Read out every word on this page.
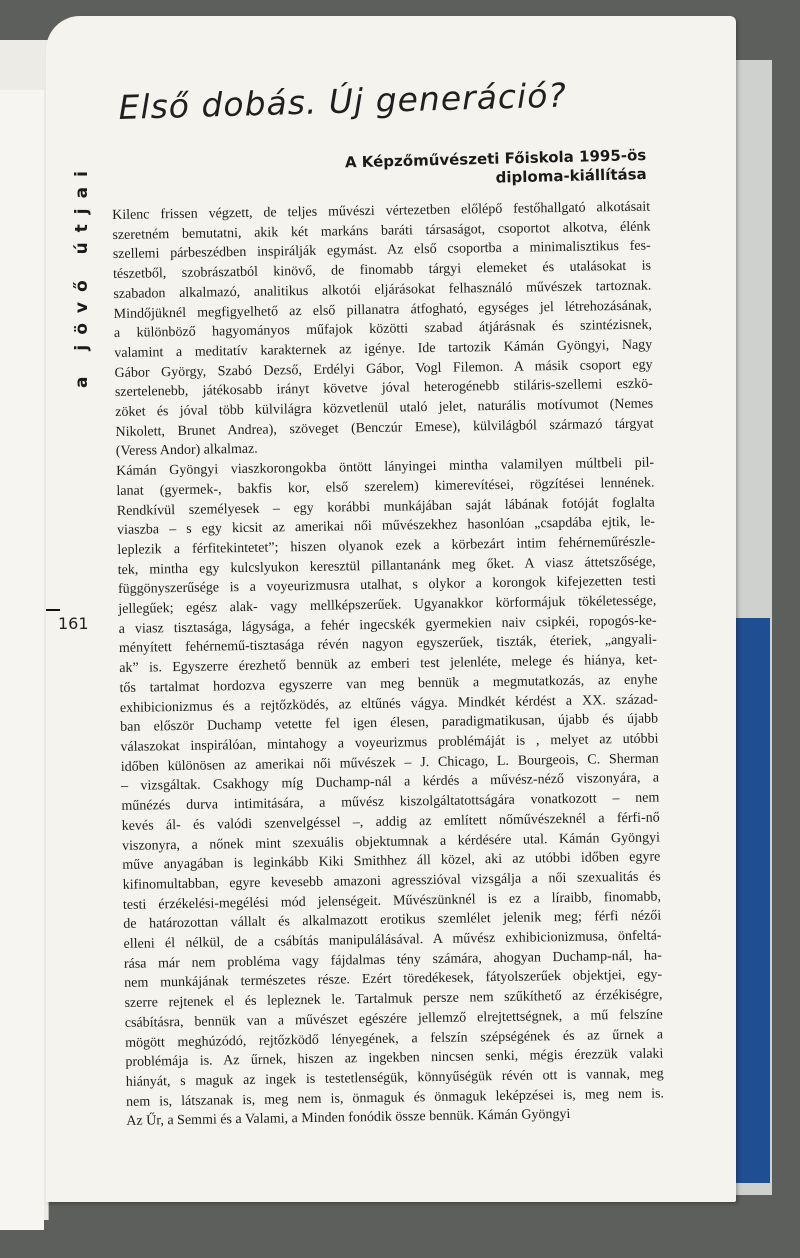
a jövő útjai
161
Első dobás. Új generáció?
A Képzőművészeti Főiskola 1995-ös
diploma-kiállítása

Kilenc frissen végzett, de teljes művészi vértezetben előlépő festőhallgató alkotásait

szeretném bemutatni, akik két markáns baráti társaságot, csoportot alkotva, élénk

szellemi párbeszédben inspirálják egymást. Az első csoportba a minimalisztikus fes-

tészetből, szobrászatból kinövő, de finomabb tárgyi elemeket és utalásokat is

szabadon alkalmazó, analitikus alkotói eljárásokat felhasználó művészek tartoznak.

Mindőjüknél megfigyelhető az első pillanatra átfogható, egységes jel létrehozásának,

a különböző hagyományos műfajok közötti szabad átjárásnak és szintézisnek,

valamint a meditatív karakternek az igénye. Ide tartozik Kámán Gyöngyi, Nagy

Gábor György, Szabó Dezső, Erdélyi Gábor, Vogl Filemon. A másik csoport egy

szertelenebb, játékosabb irányt követve jóval heterogénebb stiláris-szellemi eszkö-

zöket és jóval több külvilágra közvetlenül utaló jelet, naturális motívumot (Nemes

Nikolett, Brunet Andrea), szöveget (Benczúr Emese), külvilágból származó tárgyat

(Veress Andor) alkalmaz.

Kámán Gyöngyi viaszkorongokba öntött lányingei mintha valamilyen múltbeli pil-

lanat (gyermek-, bakfis kor, első szerelem) kimerevítései, rögzítései lennének.

Rendkívül személyesek – egy korábbi munkájában saját lábának fotóját foglalta

viaszba – s egy kicsit az amerikai női művészekhez hasonlóan „csapdába ejtik, le-

leplezik a férfitekintetet”; hiszen olyanok ezek a körbezárt intim fehérneműrészle-

tek, mintha egy kulcslyukon keresztül pillantanánk meg őket. A viasz áttetszősége,

függönyszerűsége is a voyeurizmusra utalhat, s olykor a korongok kifejezetten testi

jellegűek; egész alak- vagy mellképszerűek. Ugyanakkor körformájuk tökéletessége,

a viasz tisztasága, lágysága, a fehér ingecskék gyermekien naiv csipkéi, ropogós-ke-

ményített fehérnemű-tisztasága révén nagyon egyszerűek, tiszták, éteriek, „angyali-

ak” is. Egyszerre érezhető bennük az emberi test jelenléte, melege és hiánya, ket-

tős tartalmat hordozva egyszerre van meg bennük a megmutatkozás, az enyhe

exhibicionizmus és a rejtőzködés, az eltűnés vágya. Mindkét kérdést a XX. század-

ban először Duchamp vetette fel igen élesen, paradigmatikusan, újabb és újabb

válaszokat inspirálóan, mintahogy a voyeurizmus problémáját is , melyet az utóbbi

időben különösen az amerikai női művészek – J. Chicago, L. Bourgeois, C. Sherman

– vizsgáltak. Csakhogy míg Duchamp-nál a kérdés a művész-néző viszonyára, a

műnézés durva intimitására, a művész kiszolgáltatottságára vonatkozott – nem

kevés ál- és valódi szenvelgéssel –, addig az említett nőművészeknél a férfi-nő

viszonyra, a nőnek mint szexuális objektumnak a kérdésére utal. Kámán Gyöngyi

műve anyagában is leginkább Kiki Smithhez áll közel, aki az utóbbi időben egyre

kifinomultabban, egyre kevesebb amazoni agresszióval vizsgálja a női szexualitás és

testi érzékelési-megélési mód jelenségeit. Művészünknél is ez a líraibb, finomabb,

de határozottan vállalt és alkalmazott erotikus szemlélet jelenik meg; férfi nézői

elleni él nélkül, de a csábítás manipulálásával. A művész exhibicionizmusa, önfeltá-

rása már nem probléma vagy fájdalmas tény számára, ahogyan Duchamp-nál, ha-

nem munkájának természetes része. Ezért töredékesek, fátyolszerűek objektjei, egy-

szerre rejtenek el és lepleznek le. Tartalmuk persze nem szűkíthető az érzékiségre,

csábításra, bennük van a művészet egészére jellemző elrejtettségnek, a mű felszíne

mögött meghúzódó, rejtőzködő lényegének, a felszín szépségének és az űrnek a

problémája is. Az űrnek, hiszen az ingekben nincsen senki, mégis érezzük valaki

hiányát, s maguk az ingek is testetlenségük, könnyűségük révén ott is vannak, meg

nem is, látszanak is, meg nem is, önmaguk és önmaguk leképzései is, meg nem is.

Az Űr, a Semmi és a Valami, a Minden fonódik össze bennük. Kámán Gyöngyi
